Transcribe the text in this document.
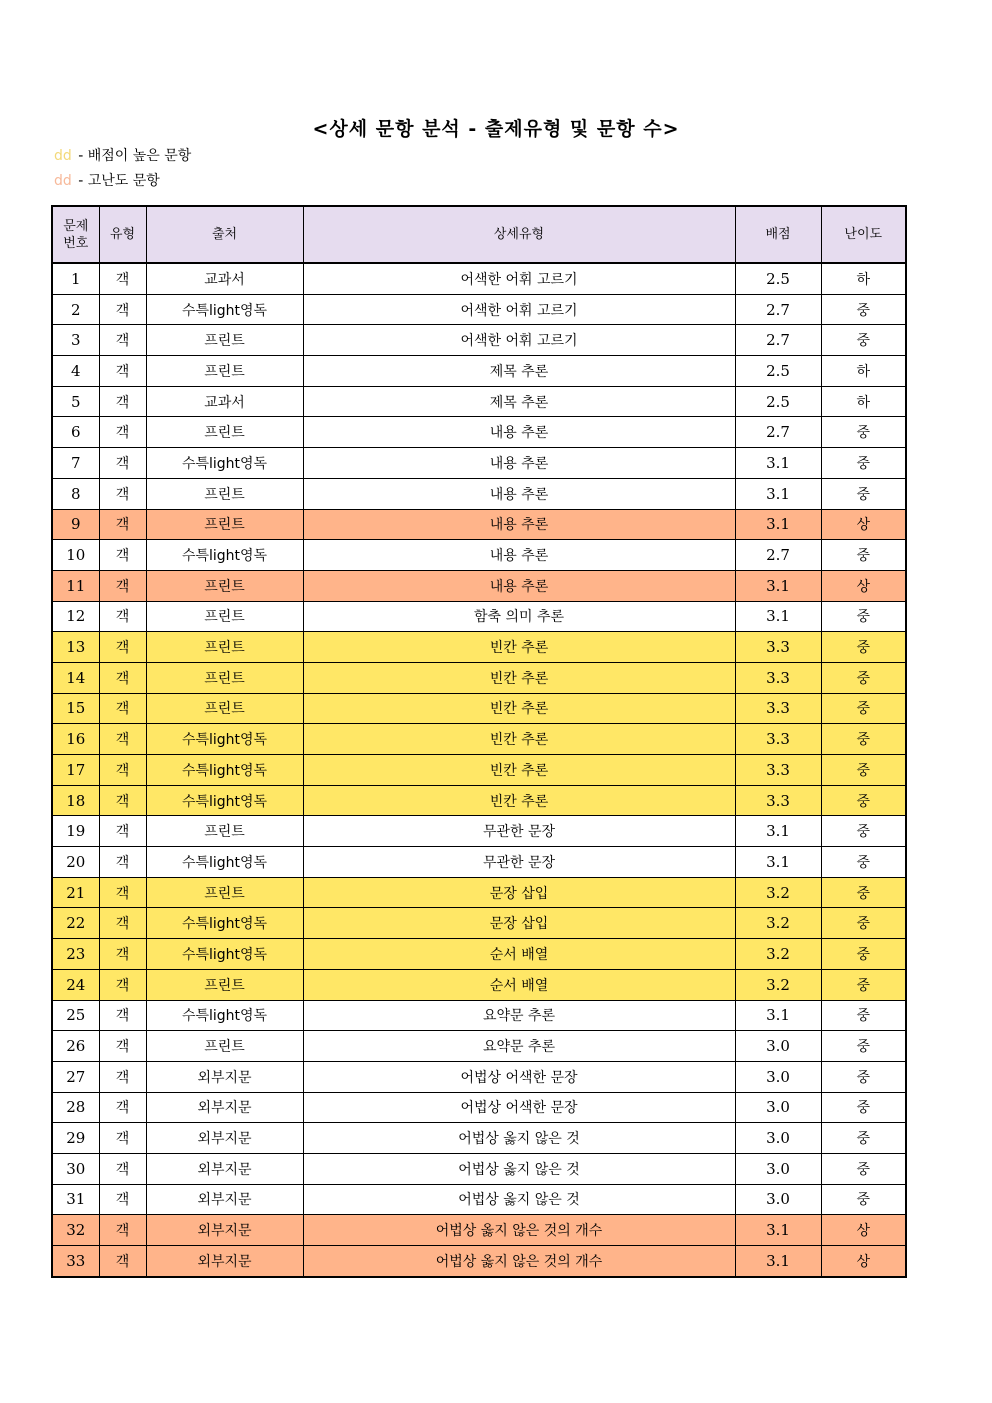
<상세 문항 분석 - 출제유형 및 문항 수>
dd - 배점이 높은 문항
dd - 고난도 문항
문제
번호	유형	출처	상세유형	배점	난이도
1	객	교과서	어색한 어휘 고르기	2.5	하
2	객	수특light영독	어색한 어휘 고르기	2.7	중
3	객	프린트	어색한 어휘 고르기	2.7	중
4	객	프린트	제목 추론	2.5	하
5	객	교과서	제목 추론	2.5	하
6	객	프린트	내용 추론	2.7	중
7	객	수특light영독	내용 추론	3.1	중
8	객	프린트	내용 추론	3.1	중
9	객	프린트	내용 추론	3.1	상
10	객	수특light영독	내용 추론	2.7	중
11	객	프린트	내용 추론	3.1	상
12	객	프린트	함축 의미 추론	3.1	중
13	객	프린트	빈칸 추론	3.3	중
14	객	프린트	빈칸 추론	3.3	중
15	객	프린트	빈칸 추론	3.3	중
16	객	수특light영독	빈칸 추론	3.3	중
17	객	수특light영독	빈칸 추론	3.3	중
18	객	수특light영독	빈칸 추론	3.3	중
19	객	프린트	무관한 문장	3.1	중
20	객	수특light영독	무관한 문장	3.1	중
21	객	프린트	문장 삽입	3.2	중
22	객	수특light영독	문장 삽입	3.2	중
23	객	수특light영독	순서 배열	3.2	중
24	객	프린트	순서 배열	3.2	중
25	객	수특light영독	요약문 추론	3.1	중
26	객	프린트	요약문 추론	3.0	중
27	객	외부지문	어법상 어색한 문장	3.0	중
28	객	외부지문	어법상 어색한 문장	3.0	중
29	객	외부지문	어법상 옳지 않은 것	3.0	중
30	객	외부지문	어법상 옳지 않은 것	3.0	중
31	객	외부지문	어법상 옳지 않은 것	3.0	중
32	객	외부지문	어법상 옳지 않은 것의 개수	3.1	상
33	객	외부지문	어법상 옳지 않은 것의 개수	3.1	상
